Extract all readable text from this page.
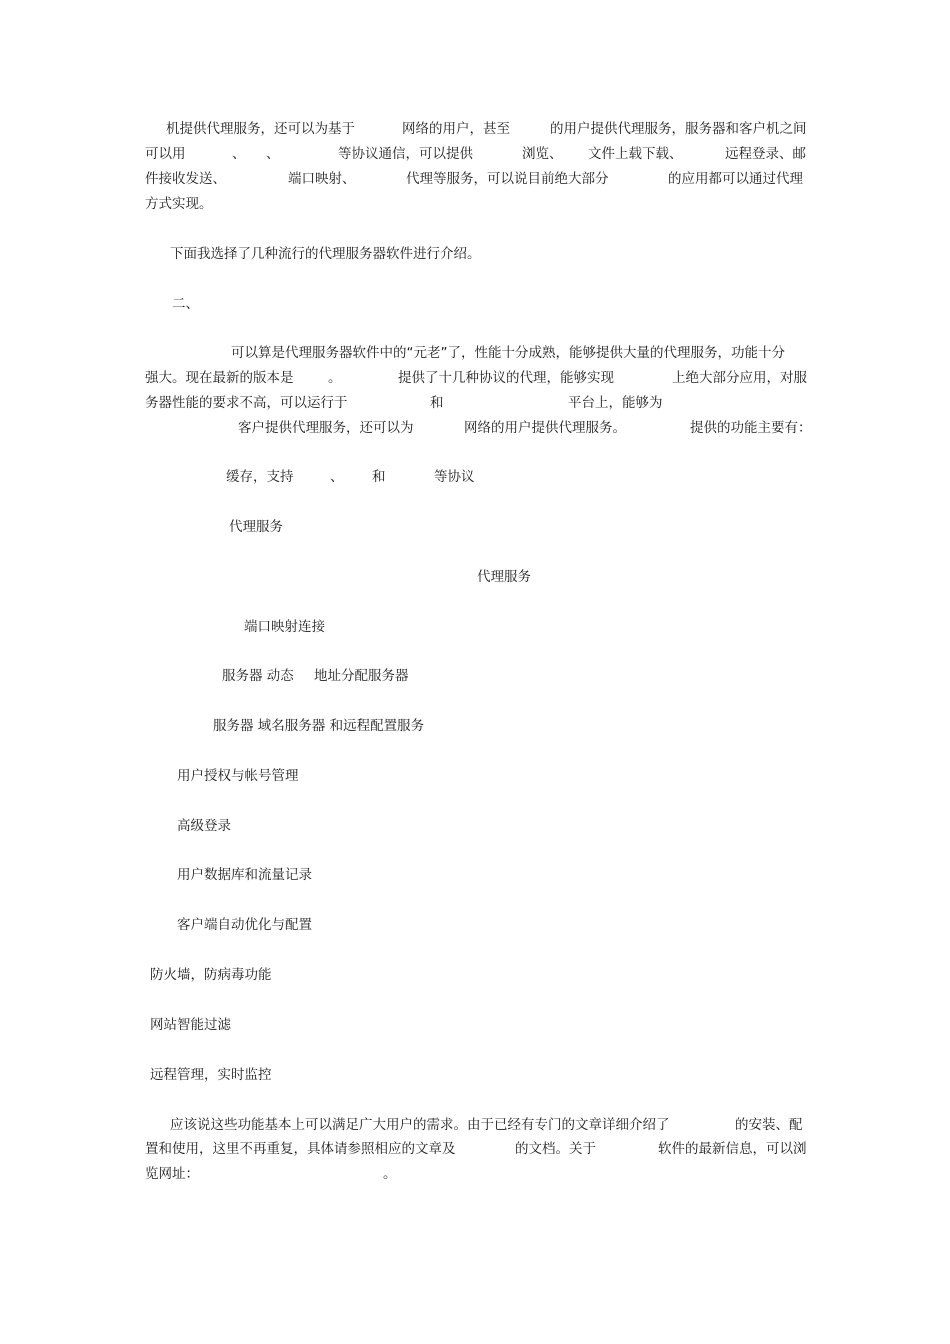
机提供代理服务，还可以为基于	网络的用户，甚至	的用户提供代理服务，服务器和客户机之间

可以用	、 、	等协议通信，可以提供	浏览、 文件上载下载、	远程登录、邮

件接收发送、	端口映射、	代理等服务，可以说目前绝大部分	的应用都可以通过代理

方式实现。

下面我选择了几种流行的代理服务器软件进行介绍。

二、

可以算是代理服务器软件中的“元老”了，性能十分成熟，能够提供大量的代理服务，功能十分

强大。现在最新的版本是	。	提供了十几种协议的代理，能够实现	上绝大部分应用，对服

务器性能的要求不高，可以运行于	和	平台上，能够为

客户提供代理服务，还可以为	网络的用户提供代理服务。	提供的功能主要有：

缓存，支持	、 和	等协议

代理服务

代理服务

端口映射连接

服务器 动态 地址分配服务器

服务器 域名服务器 和远程配置服务

用户授权与帐号管理

高级登录

用户数据库和流量记录

客户端自动优化与配置

防火墙，防病毒功能

网站智能过滤

远程管理，实时监控

应该说这些功能基本上可以满足广大用户的需求。由于已经有专门的文章详细介绍了	的安装、配

置和使用，这里不再重复，具体请参照相应的文章及	的文档。关于	软件的最新信息，可以浏

览网址：	。
